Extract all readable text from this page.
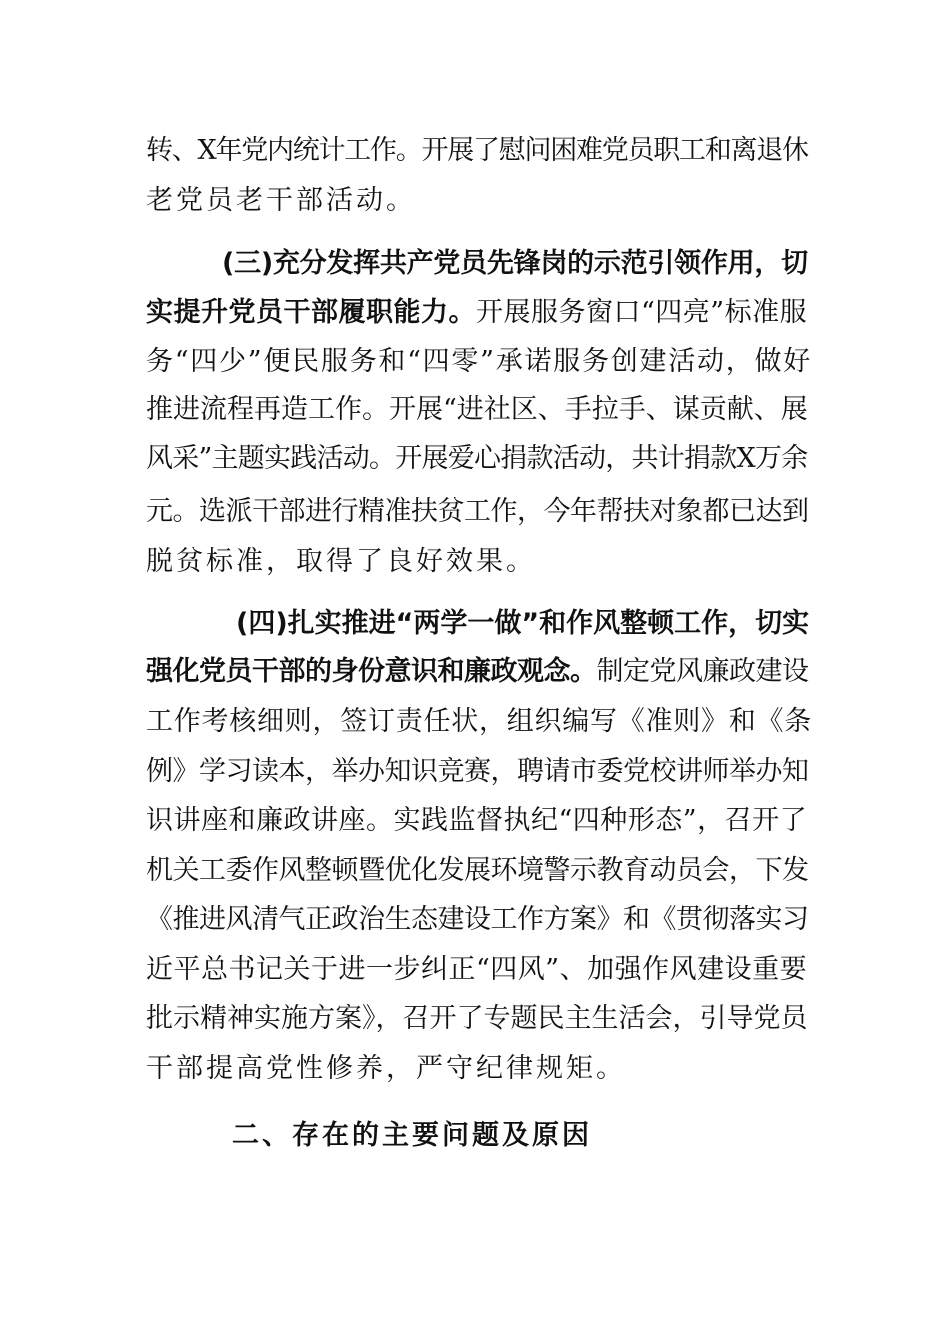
转、X年党内统计工作。开展了慰问困难党员职工和离退休
老党员老干部活动。
(三)充分发挥共产党员先锋岗的示范引领作用，切
实提升党员干部履职能力。开展服务窗口“四亮”标准服
务“四少”便民服务和“四零”承诺服务创建活动，做好
推进流程再造工作。开展“进社区、手拉手、谋贡献、展
风采”主题实践活动。开展爱心捐款活动，共计捐款X万余
元。选派干部进行精准扶贫工作，今年帮扶对象都已达到
脱贫标准，取得了良好效果。
(四)扎实推进“两学一做”和作风整顿工作，切实
强化党员干部的身份意识和廉政观念。制定党风廉政建设
工作考核细则，签订责任状，组织编写《准则》和《条
例》学习读本，举办知识竞赛，聘请市委党校讲师举办知
识讲座和廉政讲座。实践监督执纪“四种形态”，召开了
机关工委作风整顿暨优化发展环境警示教育动员会，下发
《推进风清气正政治生态建设工作方案》和《贯彻落实习
近平总书记关于进一步纠正“四风”、加强作风建设重要
批示精神实施方案》，召开了专题民主生活会，引导党员
干部提高党性修养，严守纪律规矩。
二、存在的主要问题及原因
